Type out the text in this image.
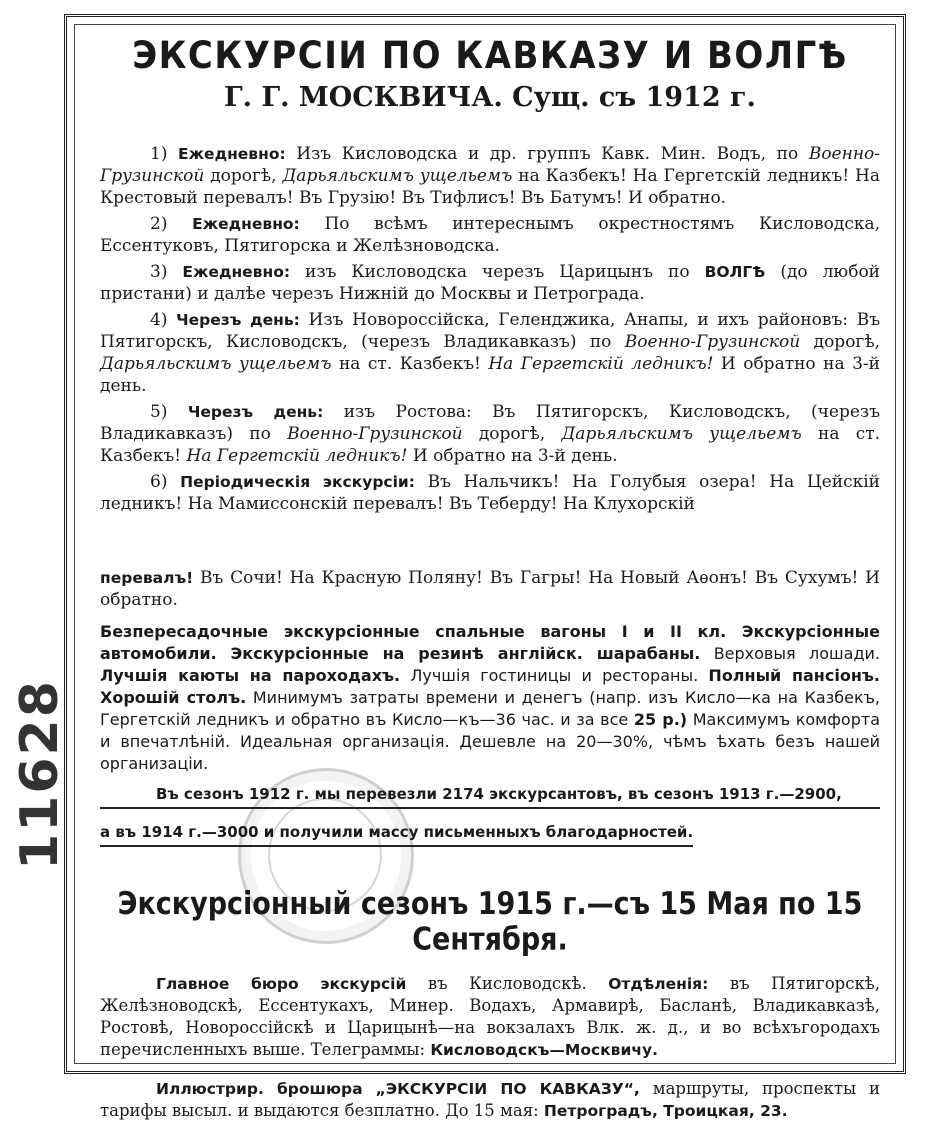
11628
ЭКСКУРСІИ ПО КАВКАЗУ И ВОЛГѢ
Г. Г. МОСКВИЧА. Сущ. съ 1912 г.

1) Ежедневно: Изъ Кисловодска и др. группъ Кавк. Мин. Водъ, по Военно-Грузинской дорогѣ, Дарьяльскимъ ущельемъ на Казбекъ! На Гергетскій ледникъ! На Крестовый перевалъ! Въ Грузію! Въ Тифлисъ! Въ Батумъ! И обратно.

2) Ежедневно: По всѣмъ интереснымъ окрестностямъ Кисловодска, Ессентуковъ, Пятигорска и Желѣзноводска.

3) Ежедневно: изъ Кисловодска черезъ Царицынъ по ВОЛГѢ (до любой пристани) и далѣе черезъ Нижній до Москвы и Петрограда.

4) Черезъ день: Изъ Новороссійска, Геленджика, Анапы, и ихъ районовъ: Въ Пятигорскъ, Кисловодскъ, (черезъ Владикавказъ) по Военно-Грузинской дорогѣ, Дарьяльскимъ ущельемъ на ст. Казбекъ! На Гергетскій ледникъ! И обратно на 3-й день.

5) Черезъ день: изъ Ростова: Въ Пятигорскъ, Кисловодскъ, (черезъ Владикавказъ) по Военно-Грузинской дорогѣ, Дарьяльскимъ ущельемъ на ст. Казбекъ! На Гергетскій ледникъ! И обратно на 3-й день.

6) Періодическія экскурсіи: Въ Нальчикъ! На Голубыя озера! На Цейскій ледникъ! На Мамиссонскій перевалъ! Въ Теберду! На Клухорскій

перевалъ! Въ Сочи! На Красную Поляну! Въ Гагры! На Новый Аѳонъ! Въ Сухумъ! И обратно.

Безпересадочные экскурсіонные спальные вагоны I и II кл. Экскурсіонные автомобили. Экскурсіонные на резинѣ англійск. шарабаны. Верховыя лошади. Лучшія каюты на пароходахъ. Лучшія гостиницы и рестораны. Полный пансіонъ. Хорошій столъ. Минимумъ затраты времени и денегъ (напр. изъ Кисло—ка на Казбекъ, Гергетскій ледникъ и обратно въ Кисло—къ—36 час. и за все 25 р.) Максимумъ комфорта и впечатлѣній. Идеальная организація. Дешевле на 20—30%, чѣмъ ѣхать безъ нашей организаціи.
Въ сезонъ 1912 г. мы перевезли 2174 экскурсантовъ, въ сезонъ 1913 г.—2900,
а въ 1914 г.—3000 и получили массу письменныхъ благодарностей.
Экскурсіонный сезонъ 1915 г.—съ 15 Мая по 15 Сентября.

Главное бюро экскурсій въ Кисловодскѣ. Отдѣленія: въ Пятигорскѣ, Желѣзноводскѣ, Ессентукахъ, Минер. Водахъ, Армавирѣ, Басланѣ, Владикавказѣ, Ростовѣ, Новороссійскѣ и Царицынѣ—на вокзалахъ Влк. ж. д., и во всѣхъгородахъ перечисленныхъ выше. Телеграммы: Кисловодскъ—Москвичу.

Иллюстрир. брошюра „ЭКСКУРСІИ ПО КАВКАЗУ“, маршруты, проспекты и тарифы высыл. и выдаются безплатно. До 15 мая: Петроградъ, Троицкая, 23.
